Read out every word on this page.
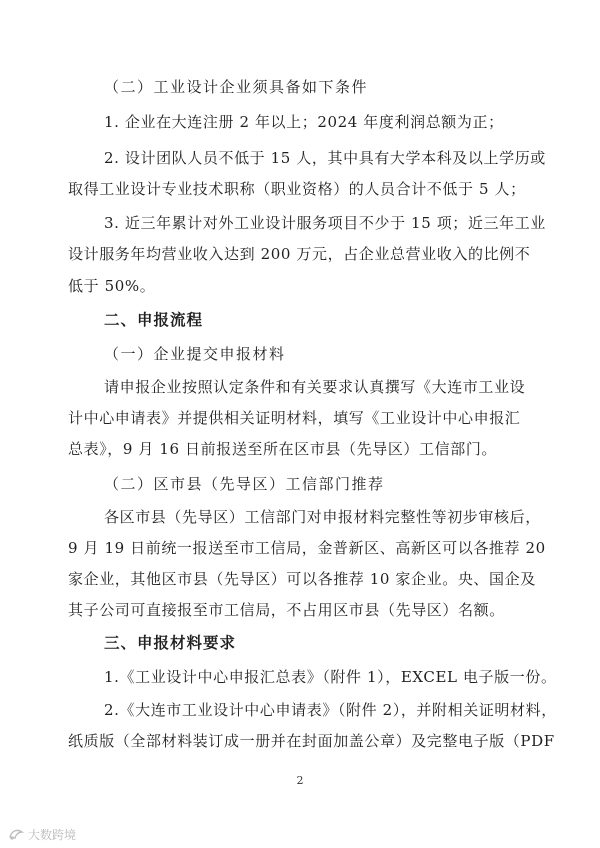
（二）工业设计企业须具备如下条件
1. 企业在大连注册 2 年以上；2024 年度利润总额为正；
2. 设计团队人员不低于 15 人，其中具有大学本科及以上学历或
取得工业设计专业技术职称（职业资格）的人员合计不低于 5 人；
3. 近三年累计对外工业设计服务项目不少于 15 项；近三年工业
设计服务年均营业收入达到 200 万元，占企业总营业收入的比例不
低于 50%。
二、申报流程
（一）企业提交申报材料
请申报企业按照认定条件和有关要求认真撰写《大连市工业设
计中心申请表》并提供相关证明材料，填写《工业设计中心申报汇
总表》，9 月 16 日前报送至所在区市县（先导区）工信部门。
（二）区市县（先导区）工信部门推荐
各区市县（先导区）工信部门对申报材料完整性等初步审核后，
9 月 19 日前统一报送至市工信局，金普新区、高新区可以各推荐 20
家企业，其他区市县（先导区）可以各推荐 10 家企业。央、国企及
其子公司可直接报至市工信局，不占用区市县（先导区）名额。
三、申报材料要求
1.《工业设计中心申报汇总表》（附件 1），EXCEL 电子版一份。
2.《大连市工业设计中心申请表》（附件 2），并附相关证明材料，
纸质版（全部材料装订成一册并在封面加盖公章）及完整电子版（PDF
2
大数跨境
